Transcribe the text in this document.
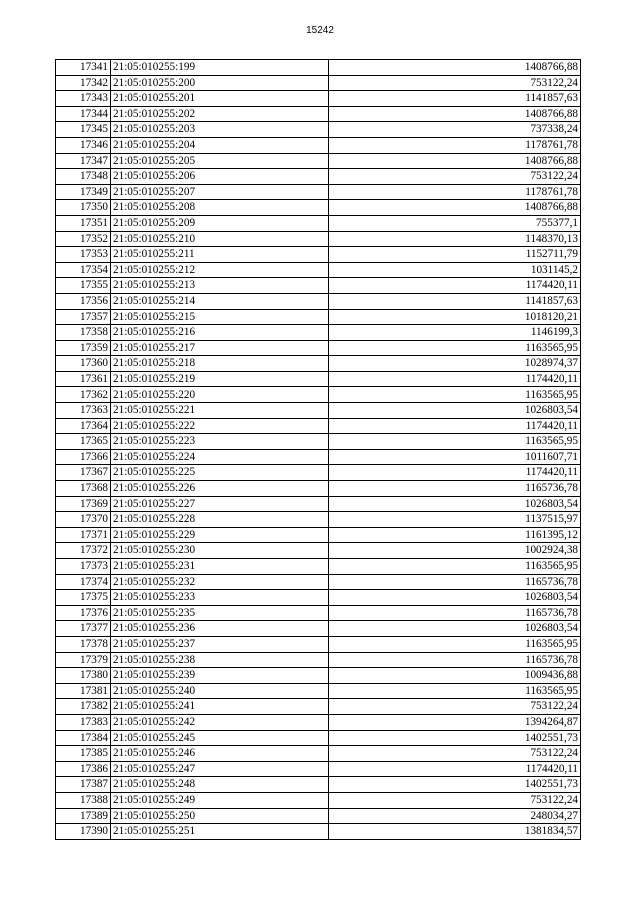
15242
17341	21:05:010255:199	1408766,88
17342	21:05:010255:200	753122,24
17343	21:05:010255:201	1141857,63
17344	21:05:010255:202	1408766,88
17345	21:05:010255:203	737338,24
17346	21:05:010255:204	1178761,78
17347	21:05:010255:205	1408766,88
17348	21:05:010255:206	753122,24
17349	21:05:010255:207	1178761,78
17350	21:05:010255:208	1408766,88
17351	21:05:010255:209	755377,1
17352	21:05:010255:210	1148370,13
17353	21:05:010255:211	1152711,79
17354	21:05:010255:212	1031145,2
17355	21:05:010255:213	1174420,11
17356	21:05:010255:214	1141857,63
17357	21:05:010255:215	1018120,21
17358	21:05:010255:216	1146199,3
17359	21:05:010255:217	1163565,95
17360	21:05:010255:218	1028974,37
17361	21:05:010255:219	1174420,11
17362	21:05:010255:220	1163565,95
17363	21:05:010255:221	1026803,54
17364	21:05:010255:222	1174420,11
17365	21:05:010255:223	1163565,95
17366	21:05:010255:224	1011607,71
17367	21:05:010255:225	1174420,11
17368	21:05:010255:226	1165736,78
17369	21:05:010255:227	1026803,54
17370	21:05:010255:228	1137515,97
17371	21:05:010255:229	1161395,12
17372	21:05:010255:230	1002924,38
17373	21:05:010255:231	1163565,95
17374	21:05:010255:232	1165736,78
17375	21:05:010255:233	1026803,54
17376	21:05:010255:235	1165736,78
17377	21:05:010255:236	1026803,54
17378	21:05:010255:237	1163565,95
17379	21:05:010255:238	1165736,78
17380	21:05:010255:239	1009436,88
17381	21:05:010255:240	1163565,95
17382	21:05:010255:241	753122,24
17383	21:05:010255:242	1394264,87
17384	21:05:010255:245	1402551,73
17385	21:05:010255:246	753122,24
17386	21:05:010255:247	1174420,11
17387	21:05:010255:248	1402551,73
17388	21:05:010255:249	753122,24
17389	21:05:010255:250	248034,27
17390	21:05:010255:251	1381834,57
